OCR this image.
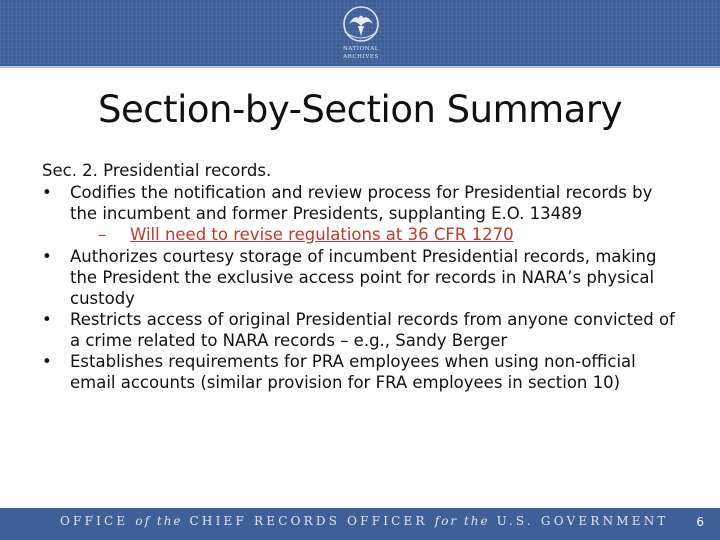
NATIONAL
ARCHIVES
Section-by-Section Summary
Sec. 2. Presidential records.
•	Codifies the notification and review process for Presidential records by the incumbent and former Presidents, supplanting E.O. 13489
– Will need to revise regulations at 36 CFR 1270
•	Authorizes courtesy storage of incumbent Presidential records, making the President the exclusive access point for records in NARA’s physical custody
•	Restricts access of original Presidential records from anyone convicted of a crime related to NARA records – e.g., Sandy Berger
•	Establishes requirements for PRA employees when using non-official email accounts (similar provision for FRA employees in section 10)
OFFICE of the CHIEF RECORDS OFFICER for the U.S. GOVERNMENT 6
